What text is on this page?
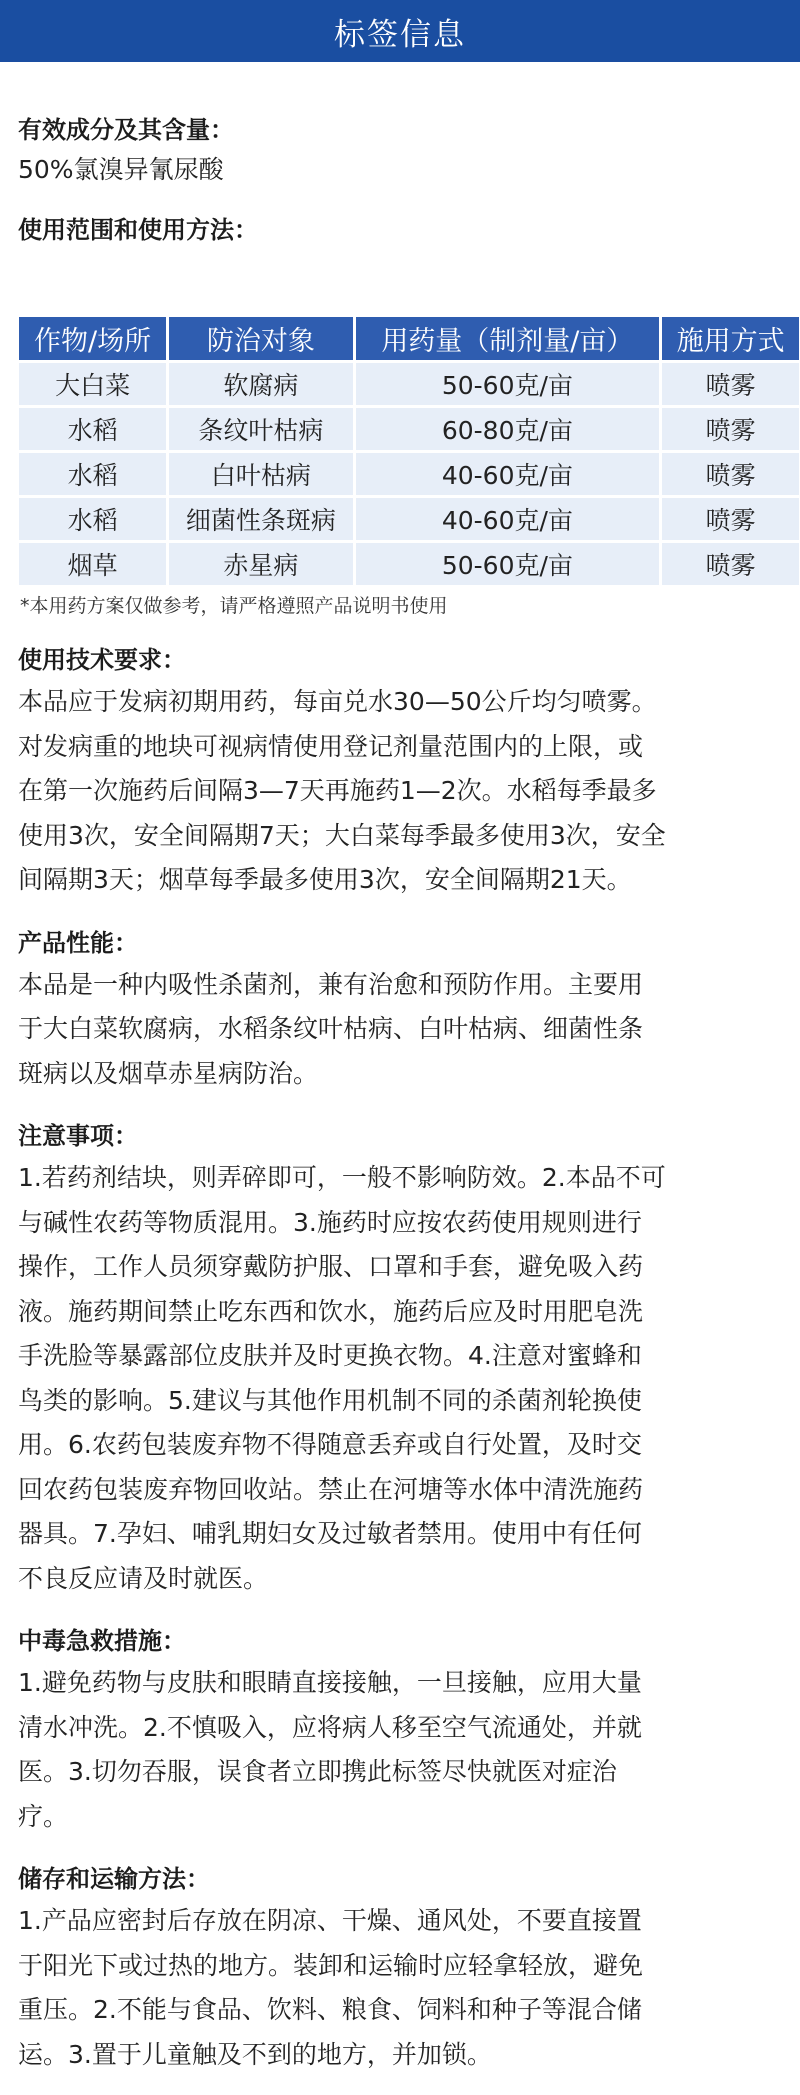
标签信息

有效成分及其含量：

50%氯溴异氰尿酸

使用范围和使用方法：

作物/场所	防治对象	用药量（制剂量/亩）	施用方式
大白菜	软腐病	50-60克/亩	喷雾
水稻	条纹叶枯病	60-80克/亩	喷雾
水稻	白叶枯病	40-60克/亩	喷雾
水稻	细菌性条斑病	40-60克/亩	喷雾
烟草	赤星病	50-60克/亩	喷雾

*本用药方案仅做参考，请严格遵照产品说明书使用

使用技术要求：

本品应于发病初期用药，每亩兑水30—50公斤均匀喷雾。

对发病重的地块可视病情使用登记剂量范围内的上限，或

在第一次施药后间隔3—7天再施药1—2次。水稻每季最多

使用3次，安全间隔期7天；大白菜每季最多使用3次，安全

间隔期3天；烟草每季最多使用3次，安全间隔期21天。

产品性能：

本品是一种内吸性杀菌剂，兼有治愈和预防作用。主要用

于大白菜软腐病，水稻条纹叶枯病、白叶枯病、细菌性条

斑病以及烟草赤星病防治。

注意事项：

1.若药剂结块，则弄碎即可，一般不影响防效。2.本品不可

与碱性农药等物质混用。3.施药时应按农药使用规则进行

操作，工作人员须穿戴防护服、口罩和手套，避免吸入药

液。施药期间禁止吃东西和饮水，施药后应及时用肥皂洗

手洗脸等暴露部位皮肤并及时更换衣物。4.注意对蜜蜂和

鸟类的影响。5.建议与其他作用机制不同的杀菌剂轮换使

用。6.农药包装废弃物不得随意丢弃或自行处置，及时交

回农药包装废弃物回收站。禁止在河塘等水体中清洗施药

器具。7.孕妇、哺乳期妇女及过敏者禁用。使用中有任何

不良反应请及时就医。

中毒急救措施：

1.避免药物与皮肤和眼睛直接接触，一旦接触，应用大量

清水冲洗。2.不慎吸入，应将病人移至空气流通处，并就

医。3.切勿吞服，误食者立即携此标签尽快就医对症治

疗。

储存和运输方法：

1.产品应密封后存放在阴凉、干燥、通风处，不要直接置

于阳光下或过热的地方。装卸和运输时应轻拿轻放，避免

重压。2.不能与食品、饮料、粮食、饲料和种子等混合储

运。3.置于儿童触及不到的地方，并加锁。
